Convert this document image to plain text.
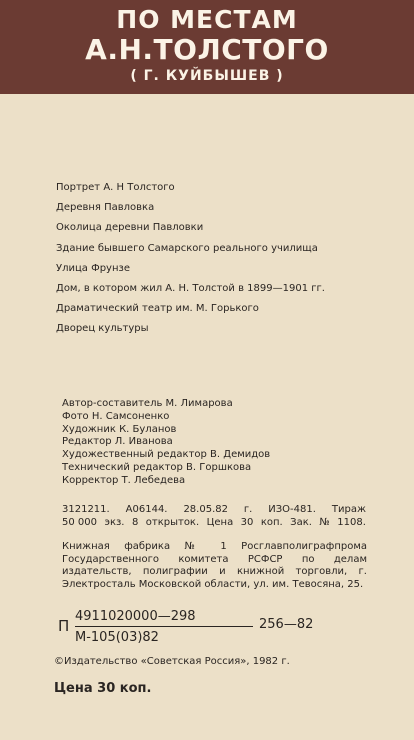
ПО МЕСТАМ
А.Н.ТОЛСТОГО
( Г. КУЙБЫШЕВ )
Портрет А. Н Толстого
Деревня Павловка
Околица деревни Павловки
Здание бывшего Самарского реального училища
Улица Фрунзе
Дом, в котором жил А. Н. Толстой в 1899—1901 гг.
Драматический театр им. М. Горького
Дворец культуры
Автор-составитель М. Лимарова
Фото Н. Самсоненко
Художник К. Буланов
Редактор Л. Иванова
Художественный редактор В. Демидов
Технический редактор В. Горшкова
Корректор Т. Лебедева
3121211. А06144. 28.05.82 г. ИЗО-481. Тираж
50 000 экз. 8 открыток. Цена 30 коп. Зак. № 1108.
Книжная фабрика № 1 Росглавполиграфпрома Государственного комитета РСФСР по делам издательств, полиграфии и книжной торговли, г. Электросталь Московской области, ул. им. Тевосяна, 25.
П
4911020000—298
М-105(03)82
256—82
©Издательство «Советская Россия», 1982 г.
Цена 30 коп.
